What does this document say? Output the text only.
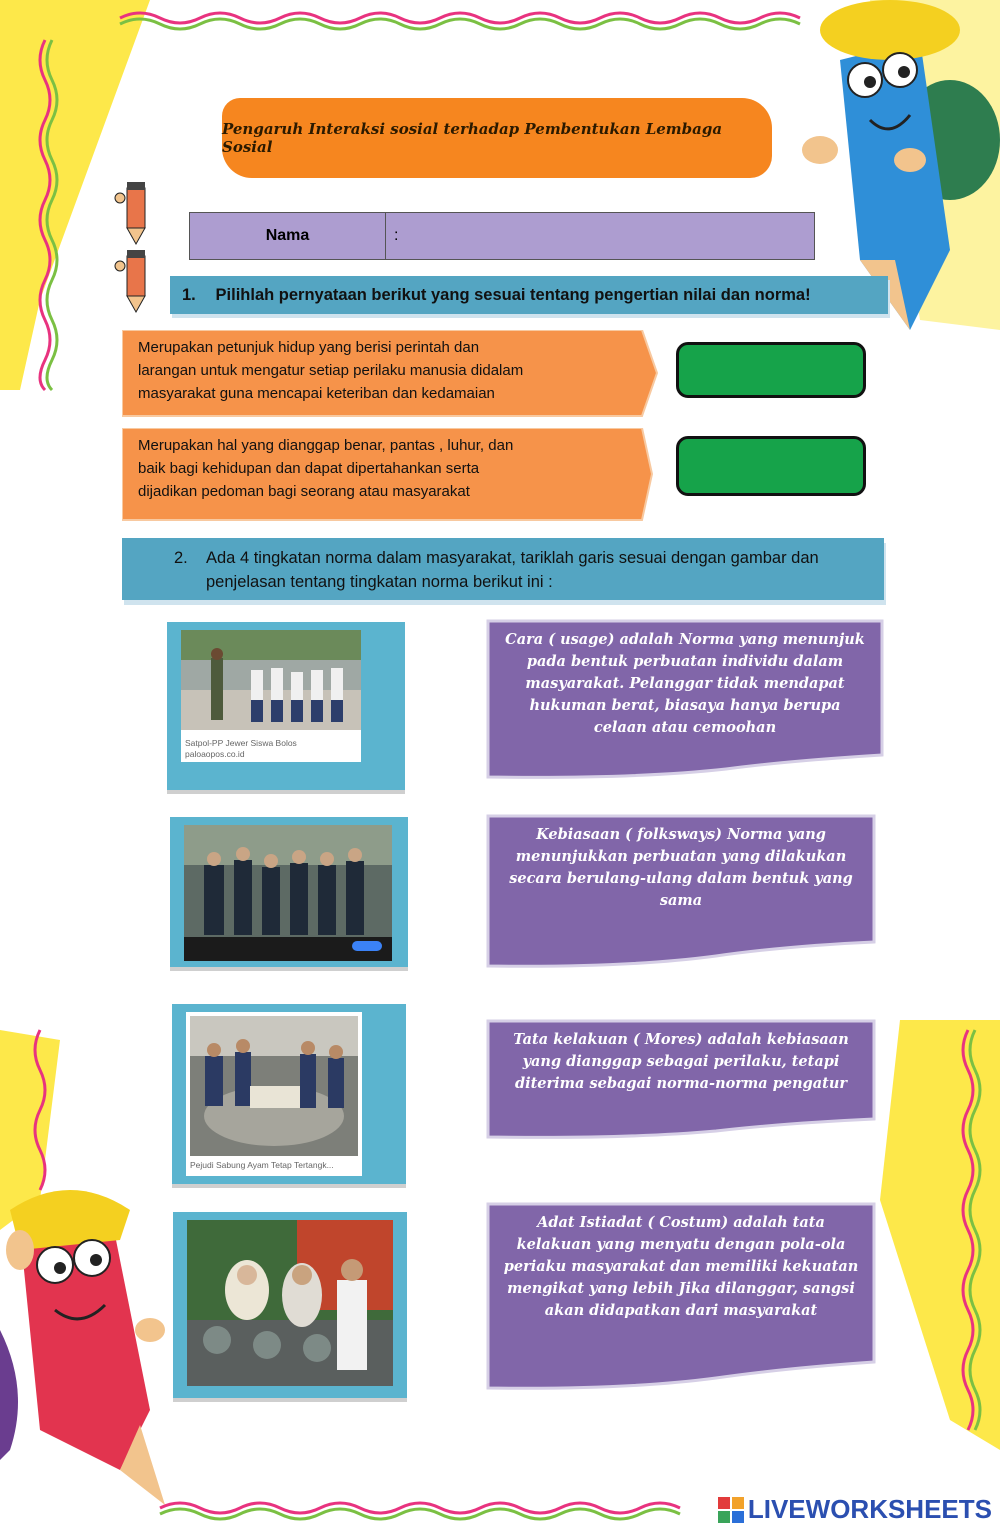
Pengaruh Interaksi sosial terhadap Pembentukan Lembaga Sosial
Nama	:
1. Pilihlah pernyataan berikut yang sesuai tentang pengertian nilai dan norma!
Merupakan petunjuk hidup yang berisi perintah dan larangan untuk mengatur setiap perilaku manusia didalam masyarakat guna mencapai keteriban dan kedamaian
Merupakan hal yang dianggap benar, pantas , luhur, dan baik bagi kehidupan dan dapat dipertahankan serta dijadikan pedoman bagi seorang atau masyarakat
2. Ada 4 tingkatan norma dalam masyarakat, tariklah garis sesuai dengan gambar dan penjelasan tentang tingkatan norma berikut ini :
Satpol-PP Jewer Siswa Bolos
paloaopos.co.id
Pejudi Sabung Ayam Tetap Tertangk...
Cara ( usage) adalah Norma yang menunjuk pada bentuk perbuatan individu dalam masyarakat. Pelanggar tidak mendapat hukuman berat, biasaya hanya berupa celaan atau cemoohan
Kebiasaan ( folksways) Norma yang menunjukkan perbuatan yang dilakukan secara berulang-ulang dalam bentuk yang sama
Tata kelakuan ( Mores) adalah kebiasaan yang dianggap sebagai perilaku, tetapi diterima sebagai norma-norma pengatur
Adat Istiadat ( Costum) adalah tata kelakuan yang menyatu dengan pola-ola periaku masyarakat dan memiliki kekuatan mengikat yang lebih Jika dilanggar, sangsi akan didapatkan dari masyarakat
LIVEWORKSHEETS
